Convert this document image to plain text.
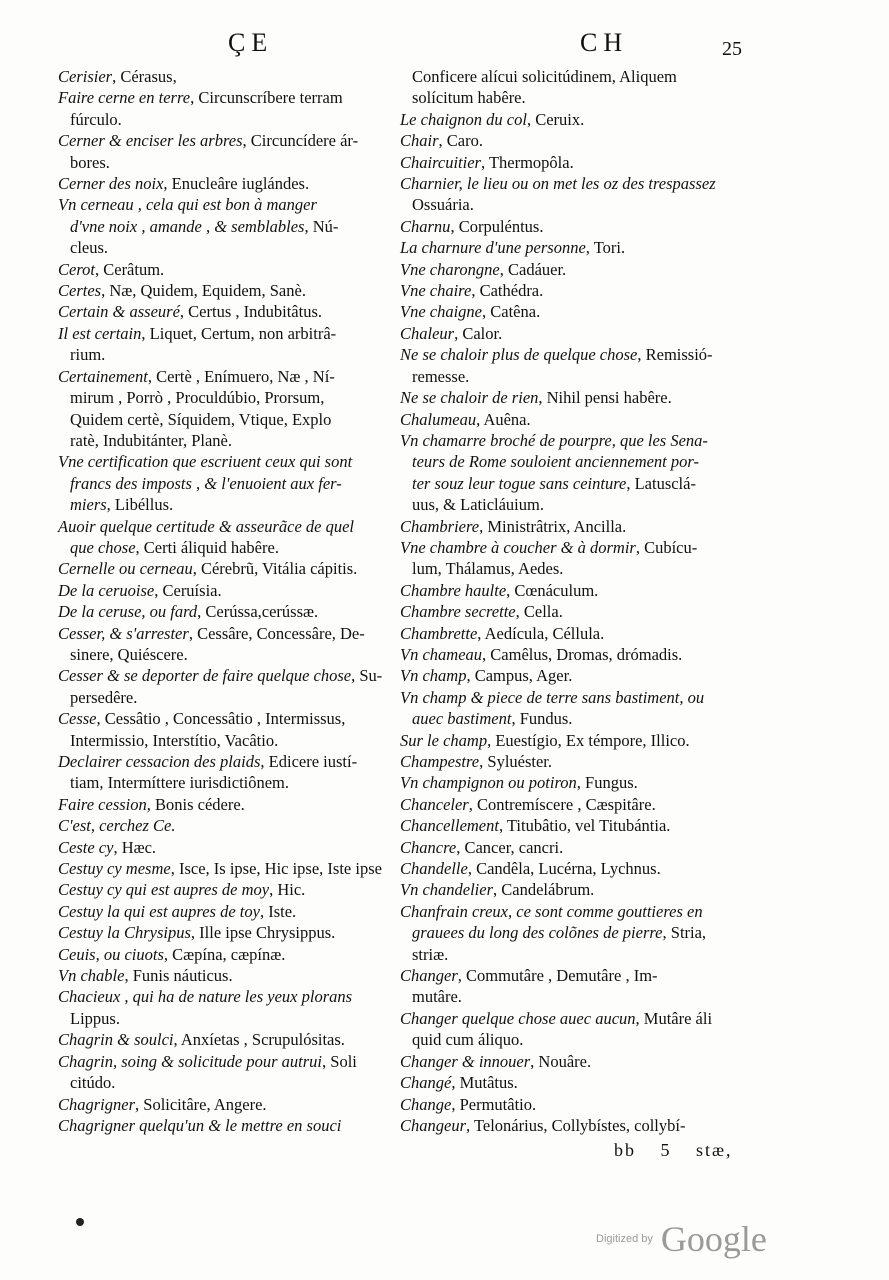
ÇE	CH	25
Cerisier , Cérasus,
Faire cerne en terre , Circunscríbere terram
fúrculo.
Cerner & enciser les arbres , Circuncídere ár-
bores.
Cerner des noix , Enucleâre iuglándes.
Vn cerneau , cela qui est bon à manger
d'vne noix , amande , & semblables , Nú-
cleus.
Cerot , Cerâtum.
Certes , Næ, Quidem, Equidem, Sanè.
Certain & asseuré , Certus , Indubitâtus.
Il est certain , Liquet, Certum, non arbitrâ-
rium.
Certainement , Certè , Enímuero, Næ , Ní-
mirum , Porrò , Proculdúbio, Prorsum,
Quidem certè, Síquidem, Vtique, Explo
ratè, Indubitánter, Planè.
Vne certification que escriuent ceux qui sont
francs des imposts , & l'enuoient aux fer-
miers , Libéllus.
Auoir quelque certitude & asseurãce de quel
que chose , Certi áliquid habêre.
Cernelle ou cerneau , Cérebrũ, Vitália cápitis.
De la ceruoise , Ceruísia.
De la ceruse, ou fard , Cerússa,cerússæ.
Cesser, & s'arrester , Cessâre, Concessâre, De-
sinere, Quiéscere.
Cesser & se deporter de faire quelque chose , Su-
persedêre.
Cesse , Cessâtio , Concessâtio , Intermissus,
Intermissio, Interstítio, Vacâtio.
Declairer cessacion des plaids , Edicere iustí-
tiam, Intermíttere iurisdictiônem.
Faire cession , Bonis cédere.
C'est, cerchez Ce.
Ceste cy , Hæc.
Cestuy cy mesme , Isce, Is ipse, Hic ipse, Iste ipse
Cestuy cy qui est aupres de moy , Hic.
Cestuy la qui est aupres de toy , Iste.
Cestuy la Chrysipus , Ille ipse Chrysippus.
Ceuis, ou ciuots , Cæpína, cæpínæ.
Vn chable , Funis náuticus.
Chacieux , qui ha de nature les yeux plorans
Lippus.
Chagrin & soulci , Anxíetas , Scrupulósitas.
Chagrin, soing & solicitude pour autrui , Soli
citúdo.
Chagrigner , Solicitâre, Angere.
Chagrigner quelqu'un & le mettre en souci
Conficere alícui solicitúdinem, Aliquem
solícitum habêre.
Le chaignon du col , Ceruix.
Chair , Caro.
Chaircuitier , Thermopôla.
Charnier, le lieu ou on met les oz des trespassez
Ossuária.
Charnu , Corpuléntus.
La charnure d'une personne , Tori.
Vne charongne , Cadáuer.
Vne chaire , Cathédra.
Vne chaigne , Catêna.
Chaleur , Calor.
Ne se chaloir plus de quelque chose , Remissió-
remesse.
Ne se chaloir de rien , Nihil pensi habêre.
Chalumeau , Auêna.
Vn chamarre broché de pourpre, que les Sena-
teurs de Rome souloient anciennement por-
ter souz leur togue sans ceinture , Latusclá-
uus, & Laticláuium.
Chambriere , Ministrâtrix, Ancilla.
Vne chambre à coucher & à dormir , Cubícu-
lum, Thálamus, Aedes.
Chambre haulte , Cœnáculum.
Chambre secrette , Cella.
Chambrette , Aedícula, Céllula.
Vn chameau , Camêlus, Dromas, drómadis.
Vn champ , Campus, Ager.
Vn champ & piece de terre sans bastiment, ou
auec bastiment , Fundus.
Sur le champ , Euestígio, Ex témpore, Illico.
Champestre , Syluéster.
Vn champignon ou potiron , Fungus.
Chanceler , Contremíscere , Cæspitâre.
Chancellement , Titubâtio, vel Titubántia.
Chancre , Cancer, cancri.
Chandelle , Candêla, Lucérna, Lychnus.
Vn chandelier , Candelábrum.
Chanfrain creux, ce sont comme gouttieres en
grauees du long des colõnes de pierre , Stria,
striæ.
Changer , Commutâre , Demutâre , Im-
mutâre.
Changer quelque chose auec aucun , Mutâre áli
quid cum áliquo.
Changer & innouer , Nouâre.
Changé , Mutâtus.
Change , Permutâtio.
Changeur , Telonárius, Collybístes, collybí-
bb 5 stæ,
Digitized by Google
